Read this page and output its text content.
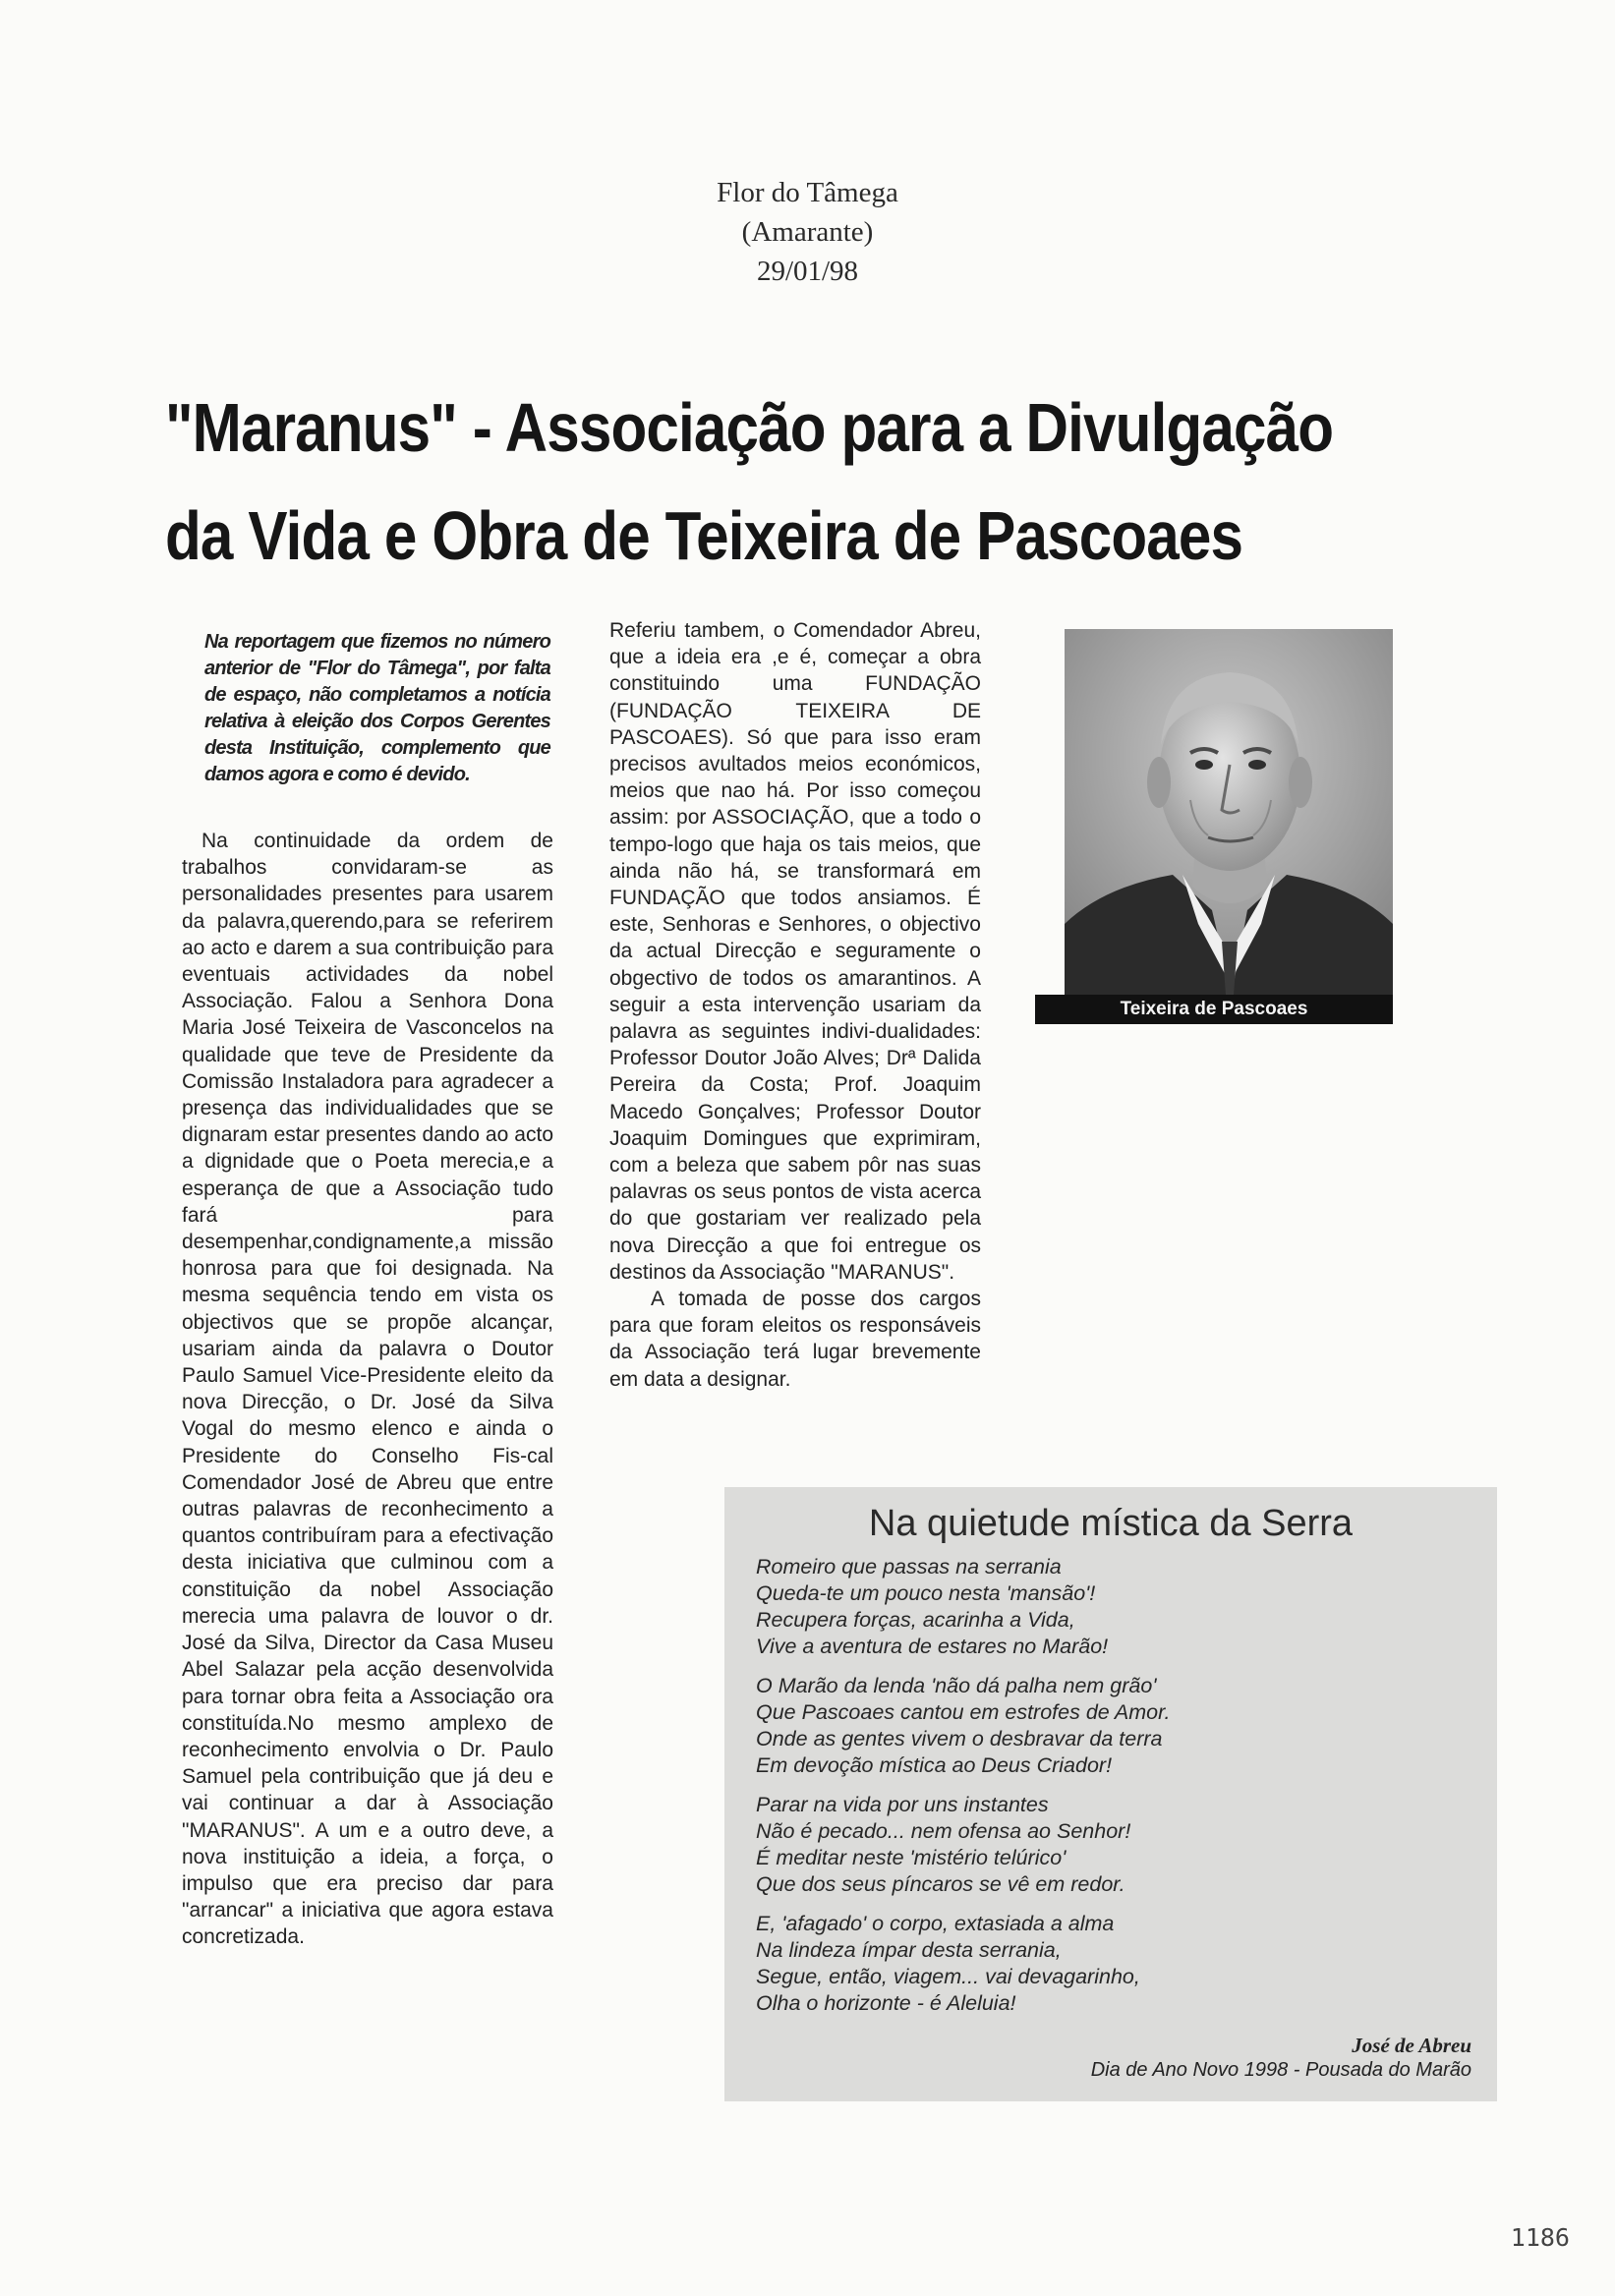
Flor do Tâmega
(Amarante)
29/01/98
"Maranus" - Associação para a Divulgação
da Vida e Obra de Teixeira de Pascoaes
Na reportagem que fizemos no número anterior de "Flor do Tâmega", por falta de espaço, não completamos a notícia relativa à eleição dos Corpos Gerentes desta Instituição, complemento que damos agora e como é devido.

Na continuidade da ordem de trabalhos convidaram-se as personalidades presentes para usarem da palavra,querendo,para se referirem ao acto e darem a sua contribuição para eventuais actividades da nobel Associação. Falou a Senhora Dona Maria José Teixeira de Vasconcelos na qualidade que teve de Presidente da Comissão Instaladora para agradecer a presença das individualidades que se dignaram estar presentes dando ao acto a dignidade que o Poeta merecia,e a esperança de que a Associação tudo fará para desempenhar,condignamente,a missão honrosa para que foi designada. Na mesma sequência tendo em vista os objectivos que se propõe alcançar, usariam ainda da palavra o Doutor Paulo Samuel Vice-Presidente eleito da nova Direcção, o Dr. José da Silva Vogal do mesmo elenco e ainda o Presidente do Conselho Fis-cal Comendador José de Abreu que entre outras palavras de reconhecimento a quantos contribuíram para a efectivação desta iniciativa que culminou com a constituição da nobel Associação merecia uma palavra de louvor o dr. José da Silva, Director da Casa Museu Abel Salazar pela acção desenvolvida para tornar obra feita a Associação ora constituída.No mesmo amplexo de reconhecimento envolvia o Dr. Paulo Samuel pela contribuição que já deu e vai continuar a dar à Associação "MARANUS". A um e a outro deve, a nova instituição a ideia, a força, o impulso que era preciso dar para "arrancar" a iniciativa que agora estava concretizada.

Referiu tambem, o Comendador Abreu, que a ideia era ,e é, começar a obra constituindo uma FUNDAÇÃO (FUNDAÇÃO TEIXEIRA DE PASCOAES). Só que para isso eram precisos avultados meios económicos, meios que nao há. Por isso começou assim: por ASSOCIAÇÃO, que a todo o tempo-logo que haja os tais meios, que ainda não há, se transformará em FUNDAÇÃO que todos ansiamos. É este, Senhoras e Senhores, o objectivo da actual Direcção e seguramente o obgectivo de todos os amarantinos. A seguir a esta intervenção usariam da palavra as seguintes indivi-dualidades: Professor Doutor João Alves; Drª Dalida Pereira da Costa; Prof. Joaquim Macedo Gonçalves; Professor Doutor Joaquim Domingues que exprimiram, com a beleza que sabem pôr nas suas palavras os seus pontos de vista acerca do que gostariam ver realizado pela nova Direcção a que foi entregue os destinos da Associação "MARANUS".

A tomada de posse dos cargos para que foram eleitos os responsáveis da Associação terá lugar brevemente em data a designar.

Teixeira de Pascoaes
Na quietude mística da Serra
Romeiro que passas na serrania
Queda-te um pouco nesta 'mansão'!
Recupera forças, acarinha a Vida,
Vive a aventura de estares no Marão!
O Marão da lenda 'não dá palha nem grão'
Que Pascoaes cantou em estrofes de Amor.
Onde as gentes vivem o desbravar da terra
Em devoção mística ao Deus Criador!
Parar na vida por uns instantes
Não é pecado... nem ofensa ao Senhor!
É meditar neste 'mistério telúrico'
Que dos seus píncaros se vê em redor.
E, 'afagado' o corpo, extasiada a alma
Na lindeza ímpar desta serrania,
Segue, então, viagem... vai devagarinho,
Olha o horizonte - é Aleluia!
José de Abreu
Dia de Ano Novo 1998 - Pousada do Marão
1186
